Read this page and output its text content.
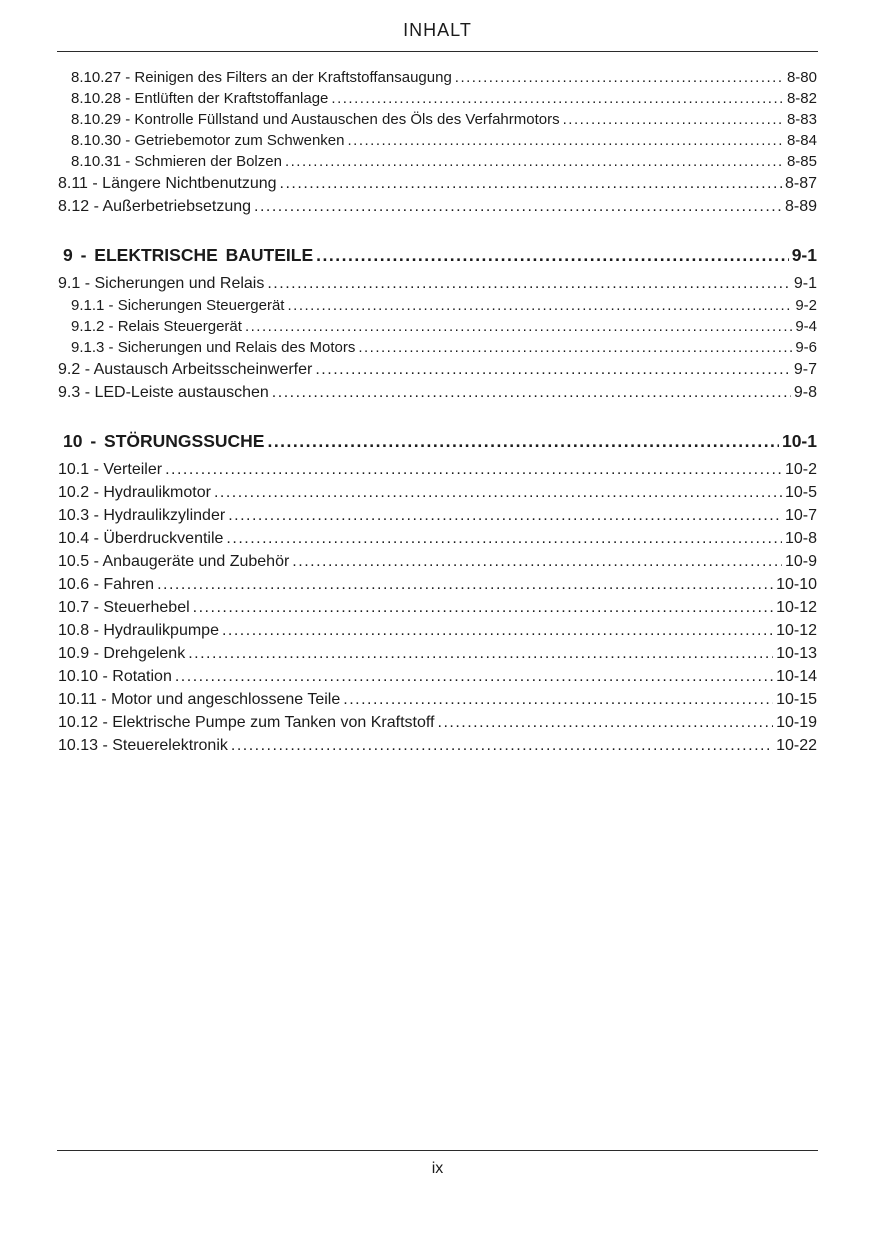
INHALT
8.10.27 - Reinigen des Filters an der Kraftstoffansaugung .....	8-80
8.10.28 - Entlüften der Kraftstoffanlage .....	8-82
8.10.29 - Kontrolle Füllstand und Austauschen des Öls des Verfahrmotors .....	8-83
8.10.30 - Getriebemotor zum Schwenken .....	8-84
8.10.31 - Schmieren der Bolzen .....	8-85
8.11 - Längere Nichtbenutzung .....	8-87
8.12 - Außerbetriebsetzung .....	8-89
9 - ELEKTRISCHE BAUTEILE .....	9-1
9.1 - Sicherungen und Relais .....	9-1
9.1.1 - Sicherungen Steuergerät .....	9-2
9.1.2 - Relais Steuergerät .....	9-4
9.1.3 - Sicherungen und Relais des Motors .....	9-6
9.2 - Austausch Arbeitsscheinwerfer .....	9-7
9.3 - LED-Leiste austauschen .....	9-8
10 - STÖRUNGSSUCHE .....	10-1
10.1 - Verteiler .....	10-2
10.2 - Hydraulikmotor .....	10-5
10.3 - Hydraulikzylinder .....	10-7
10.4 - Überdruckventile .....	10-8
10.5 - Anbaugeräte und Zubehör .....	10-9
10.6 - Fahren .....	10-10
10.7 - Steuerhebel .....	10-12
10.8 - Hydraulikpumpe .....	10-12
10.9 - Drehgelenk .....	10-13
10.10 - Rotation .....	10-14
10.11 - Motor und angeschlossene Teile .....	10-15
10.12 - Elektrische Pumpe zum Tanken von Kraftstoff .....	10-19
10.13 - Steuerelektronik .....	10-22
ix
